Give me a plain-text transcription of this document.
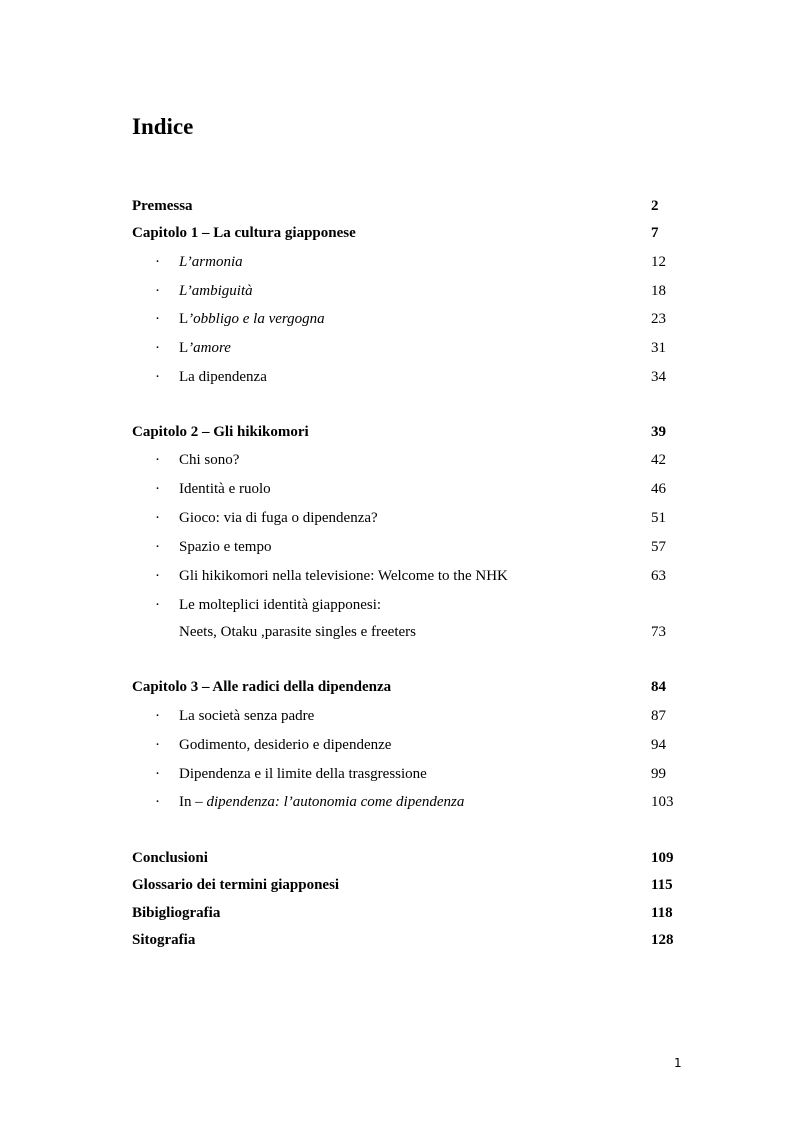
Indice
Premessa	2
Capitolo 1 – La cultura giapponese	7
· L’armonia	12
· L’ambiguità	18
· L’obbligo e la vergogna	23
· L’amore	31
· La dipendenza	34
Capitolo 2 – Gli hikikomori	39
· Chi sono?	42
· Identità e ruolo	46
· Gioco: via di fuga o dipendenza?	51
· Spazio e tempo	57
· Gli hikikomori nella televisione: Welcome to the NHK	63
· Le molteplici identità giapponesi:
Neets, Otaku ,parasite singles e freeters	73
Capitolo 3 – Alle radici della dipendenza	84
· La società senza padre	87
· Godimento, desiderio e dipendenze	94
· Dipendenza e il limite della trasgressione	99
· In – dipendenza: l’autonomia come dipendenza	103
Conclusioni	109
Glossario dei termini giapponesi	115
Bibigliografia	118
Sitografia	128
1
